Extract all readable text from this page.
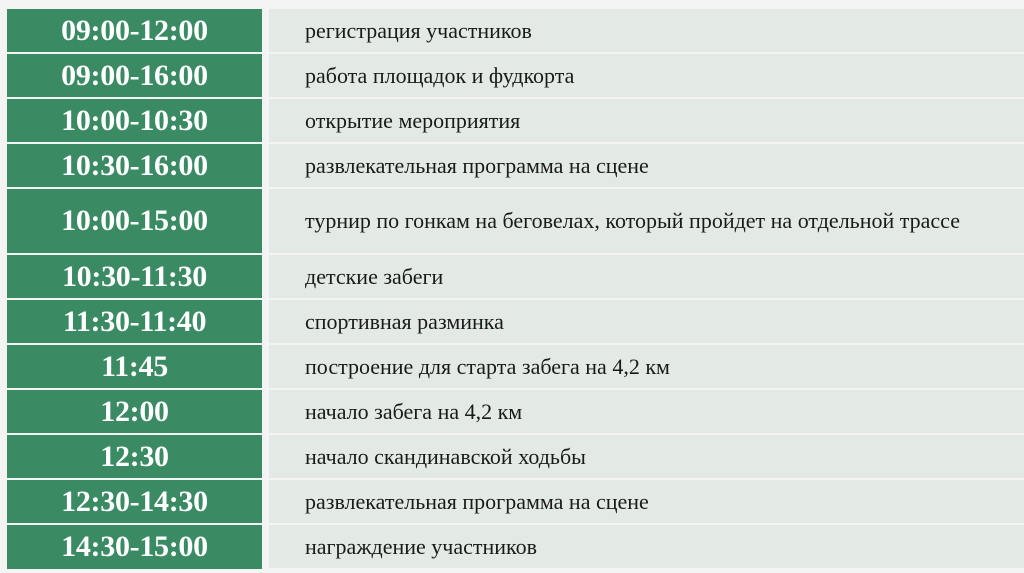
09:00-12:00	регистрация участников
09:00-16:00	работа площадок и фудкорта
10:00-10:30	открытие мероприятия
10:30-16:00	развлекательная программа на сцене
10:00-15:00	турнир по гонкам на беговелах, который пройдет на отдельной трассе
10:30-11:30	детские забеги
11:30-11:40	спортивная разминка
11:45	построение для старта забега на 4,2 км
12:00	начало забега на 4,2 км
12:30	начало скандинавской ходьбы
12:30-14:30	развлекательная программа на сцене
14:30-15:00	награждение участников
